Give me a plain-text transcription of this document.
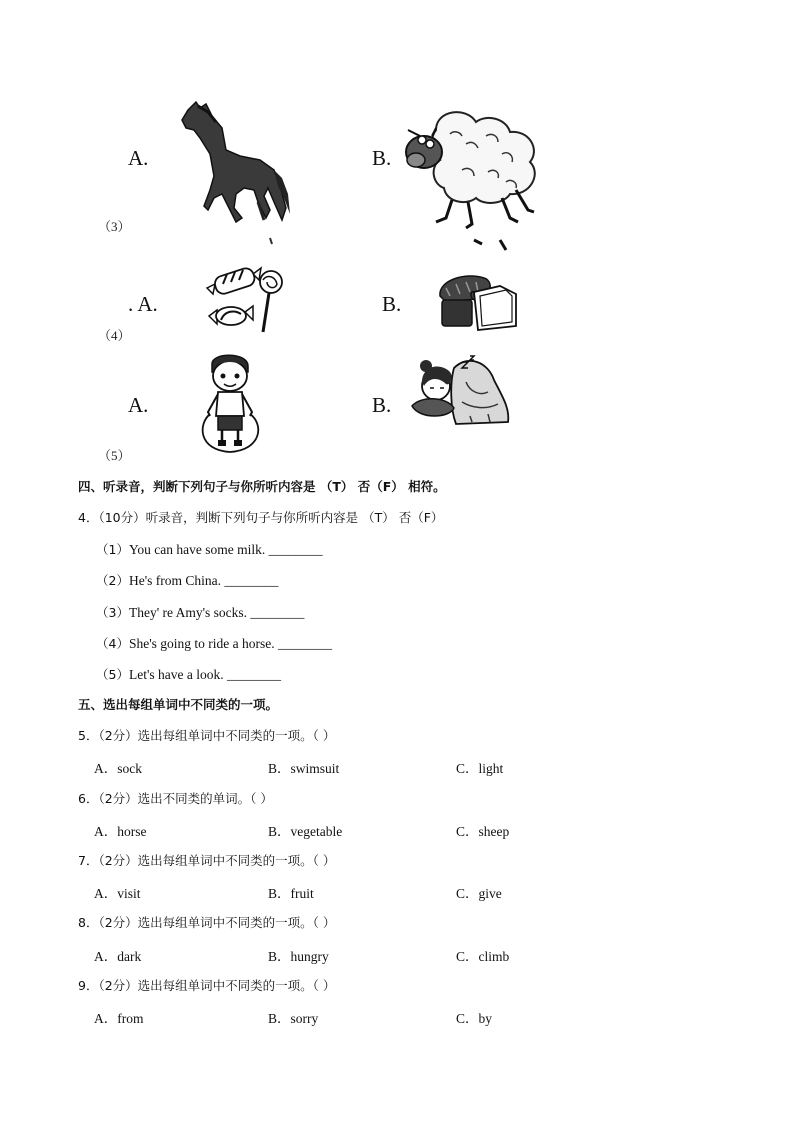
A.	B.
（3）
. A.	B.
（4）
A.	B.
（5）
四、听录音，判断下列句子与你所听内容是 （T） 否（F） 相符。
4．（10分）听录音，判断下列句子与你所听内容是 （T） 否（F）
（1）You can have some milk. ________
（2）He's from China. ________
（3）They' re Amy's socks. ________
（4）She's going to ride a horse. ________
（5）Let's have a look. ________
五、选出每组单词中不同类的一项。
5．（2分）选出每组单词中不同类的一项。（ ）
A．sock	B．swimsuit	C．light
6．（2分）选出不同类的单词。（ ）
A．horse	B．vegetable	C．sheep
7．（2分）选出每组单词中不同类的一项。（ ）
A．visit	B．fruit	C．give
8．（2分）选出每组单词中不同类的一项。（ ）
A．dark	B．hungry	C．climb
9．（2分）选出每组单词中不同类的一项。（ ）
A．from	B．sorry	C．by
